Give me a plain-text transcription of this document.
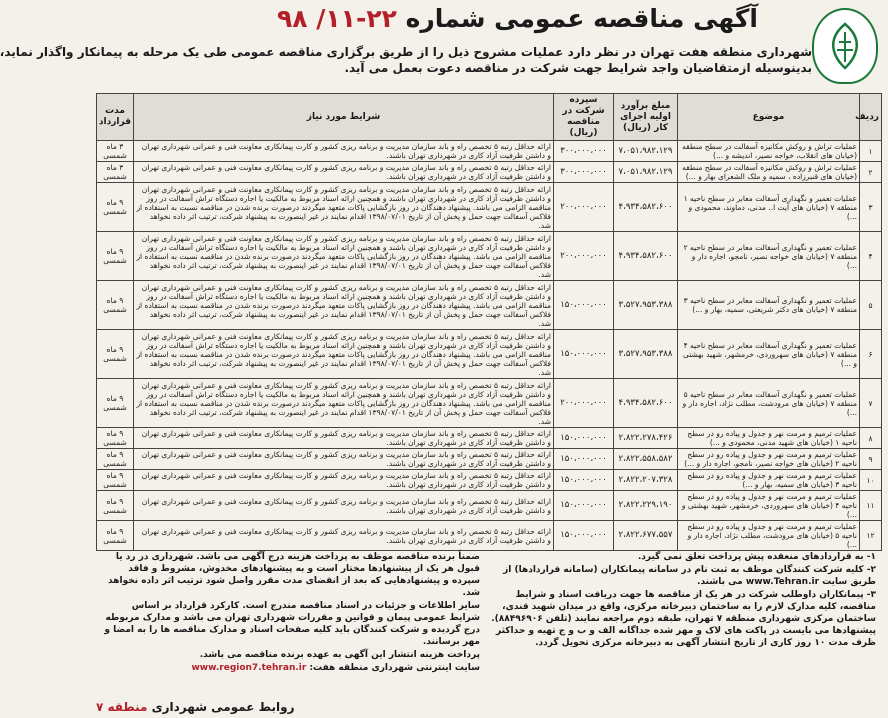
آگهی مناقصه عمومی شماره ۲۲-۱۱/ ۹۸
شهرداری منطقه هفت تهران در نظر دارد عملیات مشروح ذیل را از طریق برگزاری مناقصه عمومی طی یک مرحله به پیمانکار واگذار نماید،
بدینوسیله ازمتقاضیان واجد شرایط جهت شرکت در مناقصه دعوت بعمل می آید.
ردیف	موضوع	مبلغ برآورد اولیه اجرای کار (ریال)	سپرده شرکت در مناقصه (ریال)	شرایط مورد نیاز	مدت قرارداد
۱	عملیات تراش و روکش مکانیزه آسفالت در سطح منطقه (خیابان های انقلاب، خواجه نصیر، اندیشه و ...)	۷،۰۵۱،۹۸۲،۱۲۹	۳۰۰،۰۰۰،۰۰۰	ارائه حداقل رتبه ۵ تخصص راه و باند سازمان مدیریت و برنامه ریزی کشور و کارت پیمانکاری معاونت فنی و عمرانی شهرداری تهران و داشتن ظرفیت آزاد کاری در شهرداری تهران باشند.	۳ ماه شمسی
۲	عملیات تراش و روکش مکانیزه آسفالت در سطح منطقه (خیابان های قنبرزاده ، سمیه و ملک الشعرای بهار و ...)	۷،۰۵۱،۹۸۲،۱۲۹	۳۰۰،۰۰۰،۰۰۰	ارائه حداقل رتبه ۵ تخصص راه و باند سازمان مدیریت و برنامه ریزی کشور و کارت پیمانکاری معاونت فنی و عمرانی شهرداری تهران و داشتن ظرفیت آزاد کاری در شهرداری تهران باشند.	۳ ماه شمسی
۳	عملیات تعمیر و نگهداری آسفالت معابر در سطح ناحیه ۱ منطقه ۷ (خیابان های آیت ا.. مدنی، دماوند، محمودی و ...)	۴،۹۳۴،۵۸۲،۶۰۰	۲۰۰،۰۰۰،۰۰۰	ارائه حداقل رتبه ۵ تخصص راه و باند سازمان مدیریت و برنامه ریزی کشور و کارت پیمانکاری معاونت فنی و عمرانی شهرداری تهران و داشتن ظرفیت آزاد کاری در شهرداری تهران باشند و همچنین ارائه اسناد مربوط به مالکیت یا اجاره دستگاه تراش آسفالت در روز مناقصه الزامی می باشد. پیشنهاد دهندگان در روز بازگشایی پاکات متعهد میگردند درصورت برنده شدن در مناقصه نسبت به استفاده از فلاکس آسفالت جهت حمل و پخش آن از تاریخ ۱۳۹۸/۰۷/۰۱ اقدام نمایند در غیر اینصورت به پیشنهاد شرکت، ترتیب اثر داده نخواهد شد.	۹ ماه شمسی
۴	عملیات تعمیر و نگهداری آسفالت معابر در سطح ناحیه ۲ منطقه ۷ (خیابان های خواجه نصیر، نامجو، اجاره دار و ...)	۴،۹۳۴،۵۸۲،۶۰۰	۲۰۰،۰۰۰،۰۰۰	ارائه حداقل رتبه ۵ تخصص راه و باند سازمان مدیریت و برنامه ریزی کشور و کارت پیمانکاری معاونت فنی و عمرانی شهرداری تهران و داشتن ظرفیت آزاد کاری در شهرداری تهران باشند و همچنین ارائه اسناد مربوط به مالکیت یا اجاره دستگاه تراش آسفالت در روز مناقصه الزامی می باشد. پیشنهاد دهندگان در روز بازگشایی پاکات متعهد میگردند درصورت برنده شدن در مناقصه نسبت به استفاده از فلاکس آسفالت جهت حمل و پخش آن از تاریخ ۱۳۹۸/۰۷/۰۱ اقدام نمایند در غیر اینصورت به پیشنهاد شرکت، ترتیب اثر داده نخواهد شد.	۹ ماه شمسی
۵	عملیات تعمیر و نگهداری آسفالت معابر در سطح ناحیه ۳ منطقه ۷ (خیابان های دکتر شریعتی، سمیه، بهار و ...)	۳،۵۲۷،۹۵۳،۳۸۸	۱۵۰،۰۰۰،۰۰۰	ارائه حداقل رتبه ۵ تخصص راه و باند سازمان مدیریت و برنامه ریزی کشور و کارت پیمانکاری معاونت فنی و عمرانی شهرداری تهران و داشتن ظرفیت آزاد کاری در شهرداری تهران باشند و همچنین ارائه اسناد مربوط به مالکیت یا اجاره دستگاه تراش آسفالت در روز مناقصه الزامی می باشد. پیشنهاد دهندگان در روز بازگشایی پاکات متعهد میگردند درصورت برنده شدن در مناقصه نسبت به استفاده از فلاکس آسفالت جهت حمل و پخش آن از تاریخ ۱۳۹۸/۰۷/۰۱ اقدام نمایند در غیر اینصورت به پیشنهاد شرکت، ترتیب اثر داده نخواهد شد.	۹ ماه شمسی
۶	عملیات تعمیر و نگهداری آسفالت معابر در سطح ناحیه ۴ منطقه ۷ (خیابان های سهروردی، خرمشهر، شهید بهشتی و ...)	۳،۵۲۷،۹۵۳،۳۸۸	۱۵۰،۰۰۰،۰۰۰	ارائه حداقل رتبه ۵ تخصص راه و باند سازمان مدیریت و برنامه ریزی کشور و کارت پیمانکاری معاونت فنی و عمرانی شهرداری تهران و داشتن ظرفیت آزاد کاری در شهرداری تهران باشند و همچنین ارائه اسناد مربوط به مالکیت یا اجاره دستگاه تراش آسفالت در روز مناقصه الزامی می باشد. پیشنهاد دهندگان در روز بازگشایی پاکات متعهد میگردند درصورت برنده شدن در مناقصه نسبت به استفاده از فلاکس آسفالت جهت حمل و پخش آن از تاریخ ۱۳۹۸/۰۷/۰۱ اقدام نمایند در غیر اینصورت به پیشنهاد شرکت، ترتیب اثر داده نخواهد شد.	۹ ماه شمسی
۷	عملیات تعمیر و نگهداری آسفالت معابر در سطح ناحیه ۵ منطقه ۷ (خیابان های مرودشت، مطلب نژاد، اجاره دار و ...)	۴،۹۳۴،۵۸۲،۶۰۰	۲۰۰،۰۰۰،۰۰۰	ارائه حداقل رتبه ۵ تخصص راه و باند سازمان مدیریت و برنامه ریزی کشور و کارت پیمانکاری معاونت فنی و عمرانی شهرداری تهران و داشتن ظرفیت آزاد کاری در شهرداری تهران باشند و همچنین ارائه اسناد مربوط به مالکیت یا اجاره دستگاه تراش آسفالت در روز مناقصه الزامی می باشد. پیشنهاد دهندگان در روز بازگشایی پاکات متعهد میگردند درصورت برنده شدن در مناقصه نسبت به استفاده از فلاکس آسفالت جهت حمل و پخش آن از تاریخ ۱۳۹۸/۰۷/۰۱ اقدام نمایند در غیر اینصورت به پیشنهاد شرکت، ترتیب اثر داده نخواهد شد.	۹ ماه شمسی
۸	عملیات ترمیم و مرمت نهر و جدول و پیاده رو در سطح ناحیه ۱ (خیابان های شهید مدنی، محمودی و ...)	۲،۸۲۲،۲۷۸،۴۲۶	۱۵۰،۰۰۰،۰۰۰	ارائه حداقل رتبه ۵ تخصص راه و باند سازمان مدیریت و برنامه ریزی کشور و کارت پیمانکاری معاونت فنی و عمرانی شهرداری تهران و داشتن ظرفیت آزاد کاری در شهرداری تهران باشند.	۹ ماه شمسی
۹	عملیات ترمیم و مرمت نهر و جدول و پیاده رو در سطح ناحیه ۲ (خیابان های خواجه نصیر، نامجو، اجاره دار و ...)	۲،۸۲۲،۵۵۸،۵۸۲	۱۵۰،۰۰۰،۰۰۰	ارائه حداقل رتبه ۵ تخصص راه و باند سازمان مدیریت و برنامه ریزی کشور و کارت پیمانکاری معاونت فنی و عمرانی شهرداری تهران و داشتن ظرفیت آزاد کاری در شهرداری تهران باشند.	۹ ماه شمسی
۱۰	عملیات ترمیم و مرمت نهر و جدول و پیاده رو در سطح ناحیه ۳ (خیابان های سمیه، بهار و ...)	۲،۸۲۲،۲۰۷،۳۲۸	۱۵۰،۰۰۰،۰۰۰	ارائه حداقل رتبه ۵ تخصص راه و باند سازمان مدیریت و برنامه ریزی کشور و کارت پیمانکاری معاونت فنی و عمرانی شهرداری تهران و داشتن ظرفیت آزاد کاری در شهرداری تهران باشند.	۹ ماه شمسی
۱۱	عملیات ترمیم و مرمت نهر و جدول و پیاده رو در سطح ناحیه ۴ (خیابان های سهروردی، خرمشهر، شهید بهشتی و ...)	۲،۸۲۲،۲۲۹،۱۹۰	۱۵۰،۰۰۰،۰۰۰	ارائه حداقل رتبه ۵ تخصص راه و باند سازمان مدیریت و برنامه ریزی کشور و کارت پیمانکاری معاونت فنی و عمرانی شهرداری تهران و داشتن ظرفیت آزاد کاری در شهرداری تهران باشند.	۹ ماه شمسی
۱۲	عملیات ترمیم و مرمت نهر و جدول و پیاده رو در سطح ناحیه ۵ (خیابان های مرودشت، مطلب نژاد، اجاره دار و ...)	۲،۸۲۲،۶۷۷،۵۵۷	۱۵۰،۰۰۰،۰۰۰	ارائه حداقل رتبه ۵ تخصص راه و باند سازمان مدیریت و برنامه ریزی کشور و کارت پیمانکاری معاونت فنی و عمرانی شهرداری تهران و داشتن ظرفیت آزاد کاری در شهرداری تهران باشند.	۹ ماه شمسی

۱- به قراردادهای منعقده پیش پرداخت تعلق نمی گیرد.

۲- کلیه شرکت کنندگان موظف به ثبت نام در سامانه پیمانکاران (سامانه قراردادها) از طریق سایت www.Tehran.ir می باشند.

۳- پیمانکاران داوطلب شرکت در هر یک از مناقصه ها جهت دریافت اسناد و شرایط مناقصه، کلیه مدارک لازم را به ساختمان دبیرخانه مرکزی، واقع در میدان شهید قندی، ساختمان مرکزی شهرداری منطقه ۷ تهران، طبقه دوم مراجعه نمایند (تلفن ۸۸۴۹۶۹۰۶). پیشنهادها می بایست در پاکت های لاک و مهر شده جداگانه الف و ب و ج تهیه و حداکثر ظرف مدت ۱۰ روز کاری از تاریخ انتشار آگهی به دبیرخانه مرکزی تحویل گردد.

ضمناً برنده مناقصه موظف به پرداخت هزینه درج آگهی می باشد. شهرداری در رد یا قبول هر یک از پیشنهادها مختار است و به پیشنهادهای مخدوش، مشروط و فاقد سپرده و پیشنهادهایی که بعد از انقضای مدت مقرر واصل شود ترتیب اثر داده نخواهد شد.

سایر اطلاعات و جزئیات در اسناد مناقصه مندرج است. کارکرد قرارداد بر اساس شرایط عمومی پیمان و قوانین و مقررات شهرداری تهران می باشد و مدارک مربوطه درج گردیده و شرکت کنندگان باید کلیه صفحات اسناد و مدارک مناقصه ها را به امضا و مهر برسانند.

پرداخت هزینه انتشار این آگهی به عهده برنده مناقصه می باشد.

سایت اینترنتی شهرداری منطقه هفت: www.region7.tehran.ir

روابط عمومی شهرداری منطقه ۷
